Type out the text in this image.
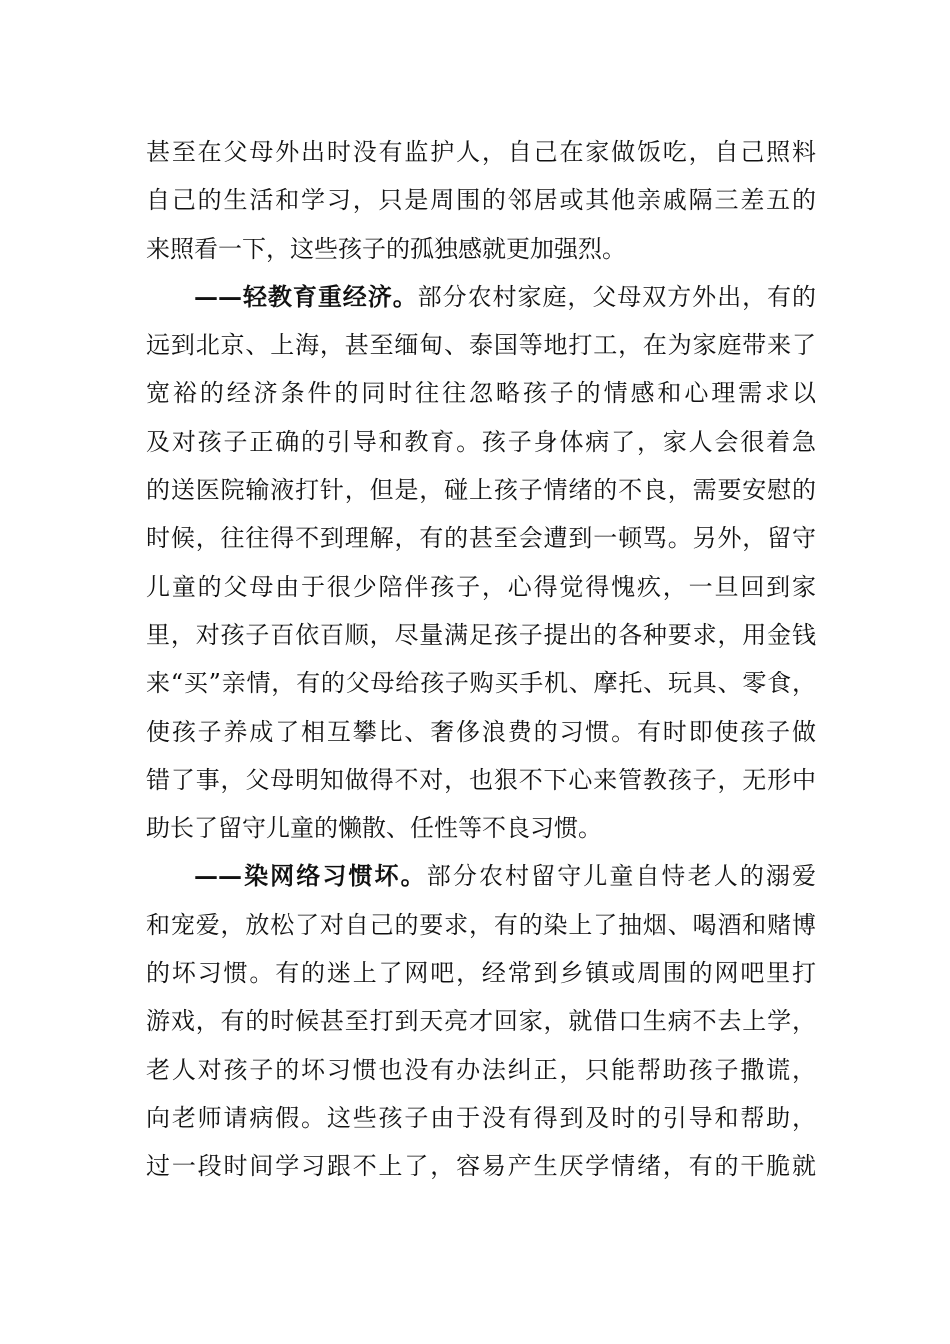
甚至在父母外出时没有监护人，自己在家做饭吃，自己照料
自己的生活和学习，只是周围的邻居或其他亲戚隔三差五的
来照看一下，这些孩子的孤独感就更加强烈。
——轻教育重经济。部分农村家庭，父母双方外出，有的
远到北京、上海，甚至缅甸、泰国等地打工，在为家庭带来了
宽裕的经济条件的同时往往忽略孩子的情感和心理需求以
及对孩子正确的引导和教育。孩子身体病了，家人会很着急
的送医院输液打针，但是，碰上孩子情绪的不良，需要安慰的
时候，往往得不到理解，有的甚至会遭到一顿骂。另外，留守
儿童的父母由于很少陪伴孩子，心得觉得愧疚，一旦回到家
里，对孩子百依百顺，尽量满足孩子提出的各种要求，用金钱
来“买”亲情，有的父母给孩子购买手机、摩托、玩具、零食，
使孩子养成了相互攀比、奢侈浪费的习惯。有时即使孩子做
错了事，父母明知做得不对，也狠不下心来管教孩子，无形中
助长了留守儿童的懒散、任性等不良习惯。
——染网络习惯坏。部分农村留守儿童自恃老人的溺爱
和宠爱，放松了对自己的要求，有的染上了抽烟、喝酒和赌博
的坏习惯。有的迷上了网吧，经常到乡镇或周围的网吧里打
游戏，有的时候甚至打到天亮才回家，就借口生病不去上学，
老人对孩子的坏习惯也没有办法纠正，只能帮助孩子撒谎，
向老师请病假。这些孩子由于没有得到及时的引导和帮助，
过一段时间学习跟不上了，容易产生厌学情绪，有的干脆就
